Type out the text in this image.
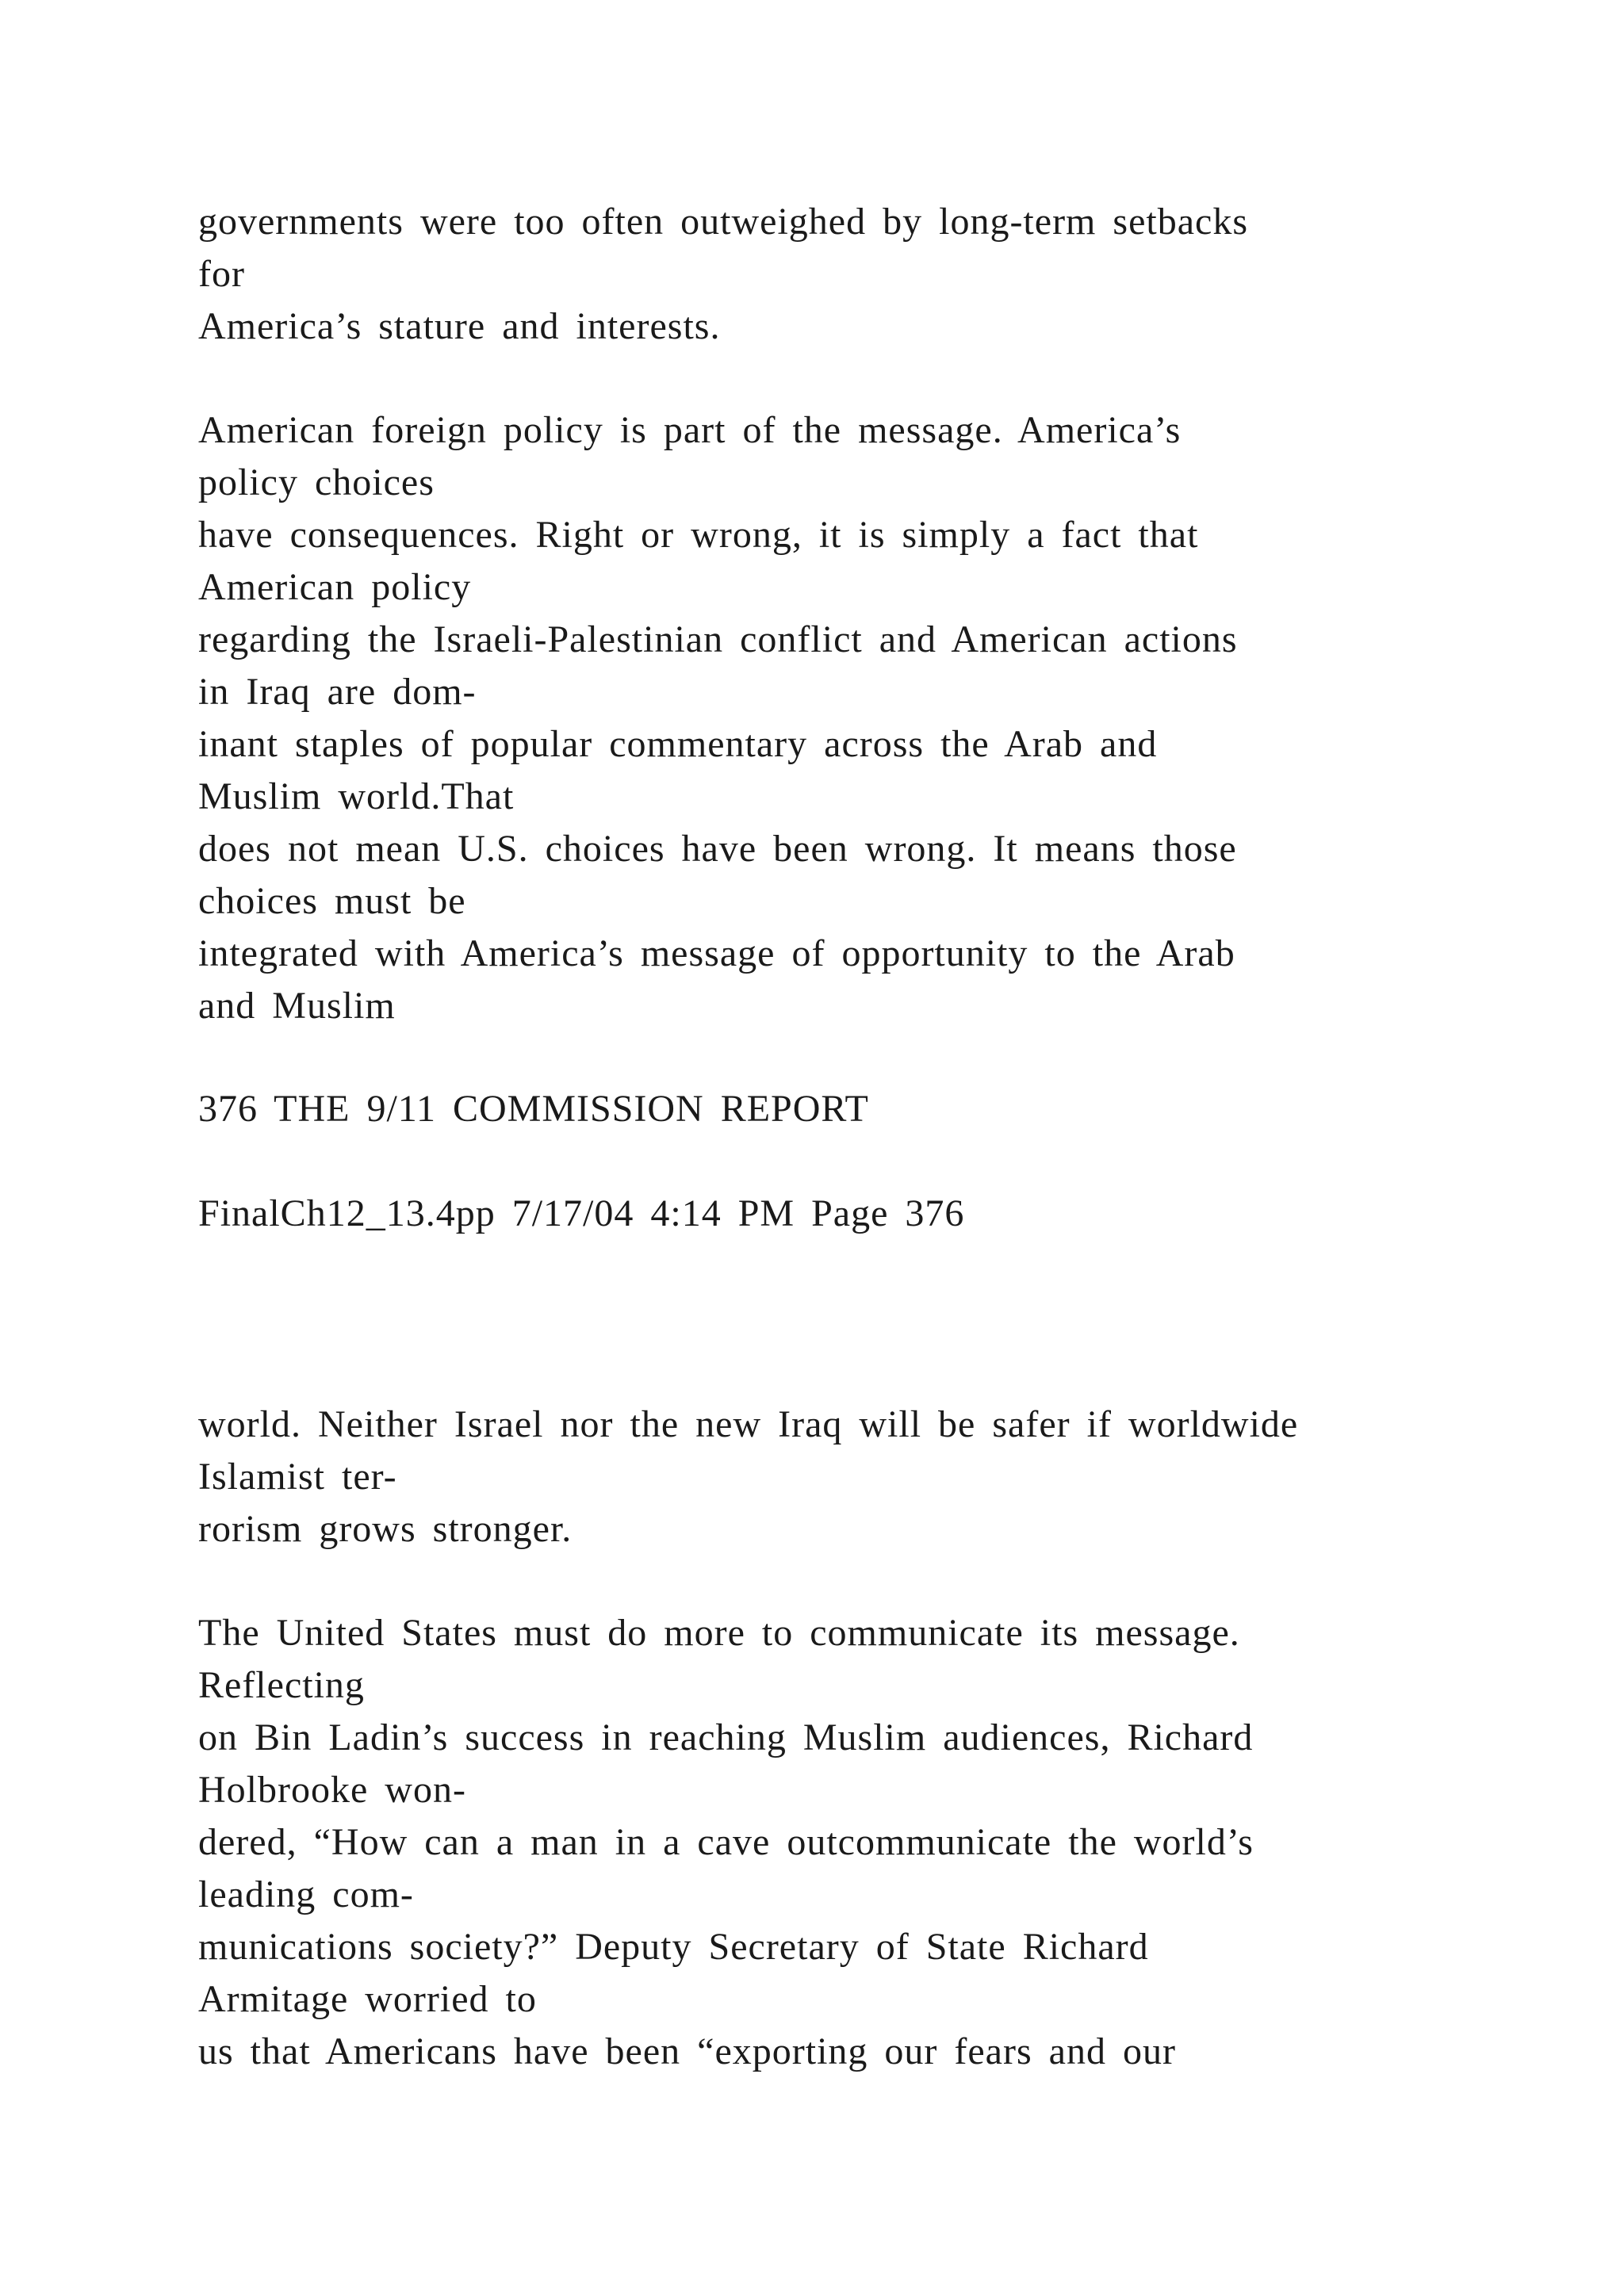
governments were too often outweighed by long-term setbacks
for
America’s stature and interests.
American foreign policy is part of the message. America’s
policy choices
have consequences. Right or wrong, it is simply a fact that
American policy
regarding the Israeli-Palestinian conflict and American actions
in Iraq are dom-
inant staples of popular commentary across the Arab and
Muslim world.That
does not mean U.S. choices have been wrong. It means those
choices must be
integrated with America’s message of opportunity to the Arab
and Muslim
376 THE 9/11 COMMISSION REPORT
FinalCh12_13.4pp 7/17/04 4:14 PM Page 376
world. Neither Israel nor the new Iraq will be safer if worldwide
Islamist ter-
rorism grows stronger.
The United States must do more to communicate its message.
Reflecting
on Bin Ladin’s success in reaching Muslim audiences, Richard
Holbrooke won-
dered, “How can a man in a cave outcommunicate the world’s
leading com-
munications society?” Deputy Secretary of State Richard
Armitage worried to
us that Americans have been “exporting our fears and our
